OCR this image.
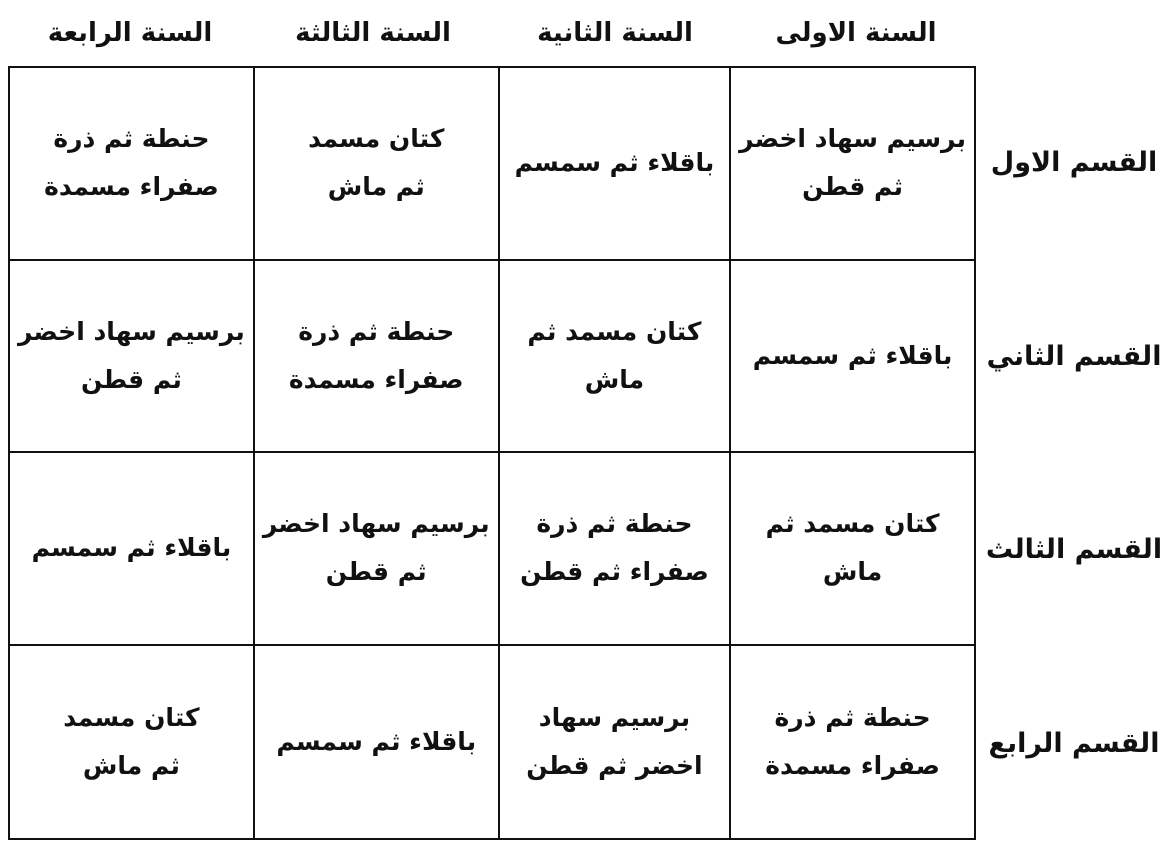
السنة الاولى
السنة الثانية
السنة الثالثة
السنة الرابعة
القسم الاول
القسم الثاني
القسم الثالث
القسم الرابع
برسيم سهاد اخضر
ثم قطن
باقلاء ثم سمسم
كتان مسمد
ثم ماش
حنطة ثم ذرة
صفراء مسمدة
باقلاء ثم سمسم
كتان مسمد ثم
ماش
حنطة ثم ذرة
صفراء مسمدة
برسيم سهاد اخضر
ثم قطن
كتان مسمد ثم
ماش
حنطة ثم ذرة
صفراء ثم قطن
برسيم سهاد اخضر
ثم قطن
باقلاء ثم سمسم
حنطة ثم ذرة
صفراء مسمدة
برسيم سهاد
اخضر ثم قطن
باقلاء ثم سمسم
كتان مسمد
ثم ماش
